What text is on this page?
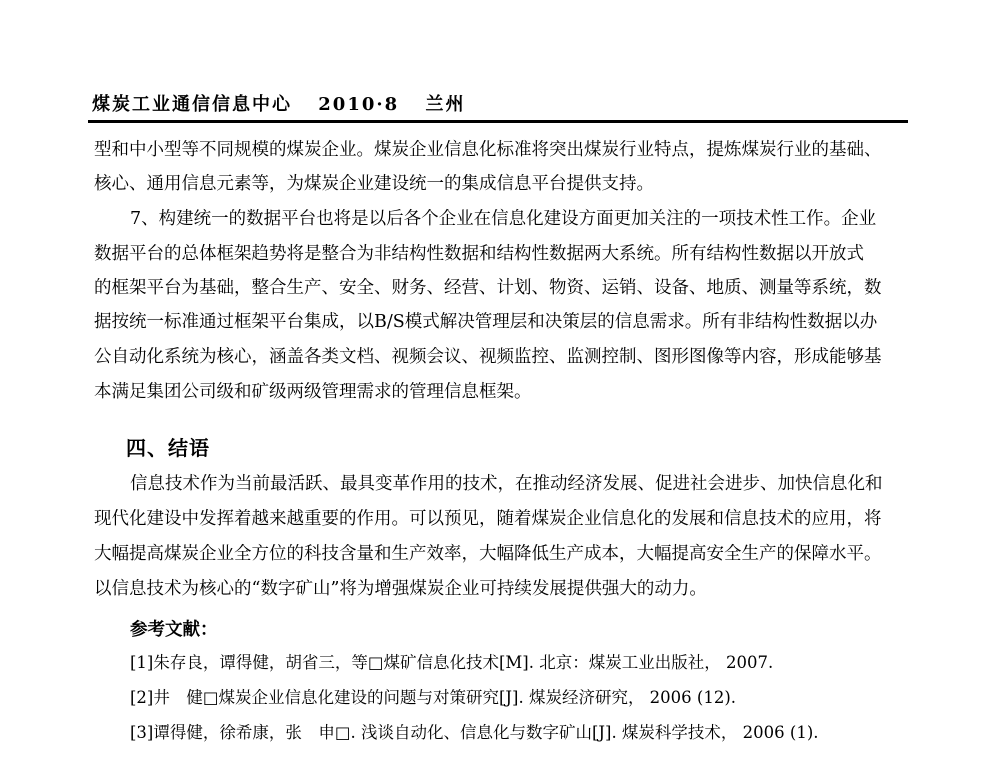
煤炭工业通信信息中心 2010·8 兰州
型和中小型等不同规模的煤炭企业。煤炭企业信息化标准将突出煤炭行业特点，提炼煤炭行业的基础、
核心、通用信息元素等，为煤炭企业建设统一的集成信息平台提供支持。
7、构建统一的数据平台也将是以后各个企业在信息化建设方面更加关注的一项技术性工作。企业
数据平台的总体框架趋势将是整合为非结构性数据和结构性数据两大系统。所有结构性数据以开放式
的框架平台为基础，整合生产、安全、财务、经营、计划、物资、运销、设备、地质、测量等系统，数
据按统一标准通过框架平台集成，以B/S模式解决管理层和决策层的信息需求。所有非结构性数据以办
公自动化系统为核心，涵盖各类文档、视频会议、视频监控、监测控制、图形图像等内容，形成能够基
本满足集团公司级和矿级两级管理需求的管理信息框架。
四、结语
信息技术作为当前最活跃、最具变革作用的技术，在推动经济发展、促进社会进步、加快信息化和
现代化建设中发挥着越来越重要的作用。可以预见，随着煤炭企业信息化的发展和信息技术的应用，将
大幅提高煤炭企业全方位的科技含量和生产效率，大幅降低生产成本，大幅提高安全生产的保障水平。
以信息技术为核心的“数字矿山”将为增强煤炭企业可持续发展提供强大的动力。
参考文献：
[1]朱存良，谭得健，胡省三，等□煤矿信息化技术[M]. 北京：煤炭工业出版社， 2007.
[2]井　健□煤炭企业信息化建设的问题与对策研究[J]. 煤炭经济研究， 2006 (12).
[3]谭得健，徐希康，张　申□. 浅谈自动化、信息化与数字矿山[J]. 煤炭科学技术， 2006 (1).
